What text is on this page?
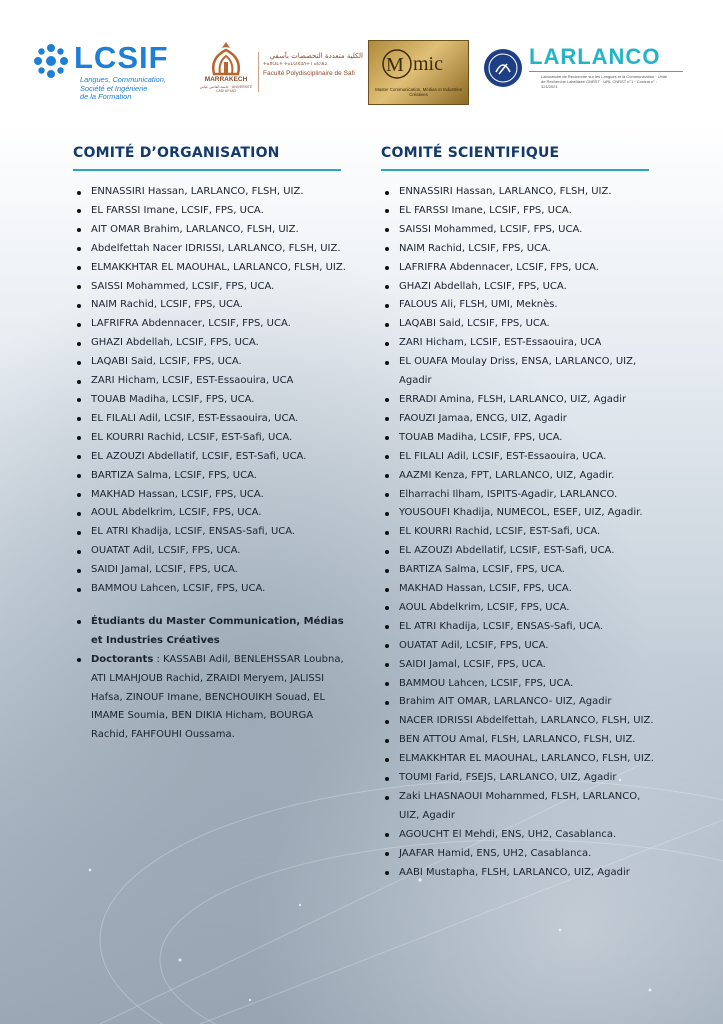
LCSIF
Langues, Communication,
Société et Ingénierie
de la Formation
MARRAKECH
جامعة القاضي عياض · UNIVERSITÉ CADI AYYAD
الكلية متعددة التخصصات بآسفي
ⵜⴰⴳⵔⵎⵜ ⵜⴰⵎⵙⴳⵓⴷⵜ ⵏ ⴰⵙⴼⵉ
Faculté Polydisciplinaire de Safi	M mic
Master Communication, Médias et Industries Créatives
LARLANCO
Laboratoire de Recherche sur les Langues et la Communication · Unité de Recherche Labellisée CNRST · URL CNRST n°1 · Contrat n° : 321/2021
COMITÉ D’ORGANISATION
ENNASSIRI Hassan, LARLANCO, FLSH, UIZ.
EL FARSSI Imane, LCSIF, FPS, UCA.
AIT OMAR Brahim, LARLANCO, FLSH, UIZ.
Abdelfettah Nacer IDRISSI, LARLANCO, FLSH, UIZ.
ELMAKKHTAR EL MAOUHAL, LARLANCO, FLSH, UIZ.
SAISSI Mohammed, LCSIF, FPS, UCA.
NAIM Rachid, LCSIF, FPS, UCA.
LAFRIFRA Abdennacer, LCSIF, FPS, UCA.
GHAZI Abdellah, LCSIF, FPS, UCA.
LAQABI Said, LCSIF, FPS, UCA.
ZARI Hicham, LCSIF, EST-Essaouira, UCA
TOUAB Madiha, LCSIF, FPS, UCA.
EL FILALI Adil, LCSIF, EST-Essaouira, UCA.
EL KOURRI Rachid, LCSIF, EST-Safi, UCA.
EL AZOUZI Abdellatif, LCSIF, EST-Safi, UCA.
BARTIZA Salma, LCSIF, FPS, UCA.
MAKHAD Hassan, LCSIF, FPS, UCA.
AOUL Abdelkrim, LCSIF, FPS, UCA.
EL ATRI Khadija, LCSIF, ENSAS-Safi, UCA.
OUATAT Adil, LCSIF, FPS, UCA.
SAIDI Jamal, LCSIF, FPS, UCA.
BAMMOU Lahcen, LCSIF, FPS, UCA.
Étudiants du Master Communication, Médias et Industries Créatives
Doctorants : KASSABI Adil, BENLEHSSAR Loubna, ATI LMAHJOUB Rachid, ZRAIDI Meryem, JALISSI Hafsa, ZINOUF Imane, BENCHOUIKH Souad, EL IMAME Soumia, BEN DIKIA Hicham, BOURGA Rachid, FAHFOUHI Oussama.
COMITÉ SCIENTIFIQUE
ENNASSIRI Hassan, LARLANCO, FLSH, UIZ.
EL FARSSI Imane, LCSIF, FPS, UCA.
SAISSI Mohammed, LCSIF, FPS, UCA.
NAIM Rachid, LCSIF, FPS, UCA.
LAFRIFRA Abdennacer, LCSIF, FPS, UCA.
GHAZI Abdellah, LCSIF, FPS, UCA.
FALOUS Ali, FLSH, UMI, Meknès.
LAQABI Said, LCSIF, FPS, UCA.
ZARI Hicham, LCSIF, EST-Essaouira, UCA
EL OUAFA Moulay Driss, ENSA, LARLANCO, UIZ, Agadir
ERRADI Amina, FLSH, LARLANCO, UIZ, Agadir
FAOUZI Jamaa, ENCG, UIZ, Agadir
TOUAB Madiha, LCSIF, FPS, UCA.
EL FILALI Adil, LCSIF, EST-Essaouira, UCA.
AAZMI Kenza, FPT, LARLANCO, UIZ, Agadir.
Elharrachi Ilham, ISPITS-Agadir, LARLANCO.
YOUSOUFI Khadija, NUMECOL, ESEF, UIZ, Agadir.
EL KOURRI Rachid, LCSIF, EST-Safi, UCA.
EL AZOUZI Abdellatif, LCSIF, EST-Safi, UCA.
BARTIZA Salma, LCSIF, FPS, UCA.
MAKHAD Hassan, LCSIF, FPS, UCA.
AOUL Abdelkrim, LCSIF, FPS, UCA.
EL ATRI Khadija, LCSIF, ENSAS-Safi, UCA.
OUATAT Adil, LCSIF, FPS, UCA.
SAIDI Jamal, LCSIF, FPS, UCA.
BAMMOU Lahcen, LCSIF, FPS, UCA.
Brahim AIT OMAR, LARLANCO- UIZ, Agadir
NACER IDRISSI Abdelfettah, LARLANCO, FLSH, UIZ.
BEN ATTOU Amal, FLSH, LARLANCO, FLSH, UIZ.
ELMAKKHTAR EL MAOUHAL, LARLANCO, FLSH, UIZ.
TOUMI Farid, FSEJS, LARLANCO, UIZ, Agadir
Zaki LHASNAOUI Mohammed, FLSH, LARLANCO, UIZ, Agadir
AGOUCHT El Mehdi, ENS, UH2, Casablanca.
JAAFAR Hamid, ENS, UH2, Casablanca.
AABI Mustapha, FLSH, LARLANCO, UIZ, Agadir
